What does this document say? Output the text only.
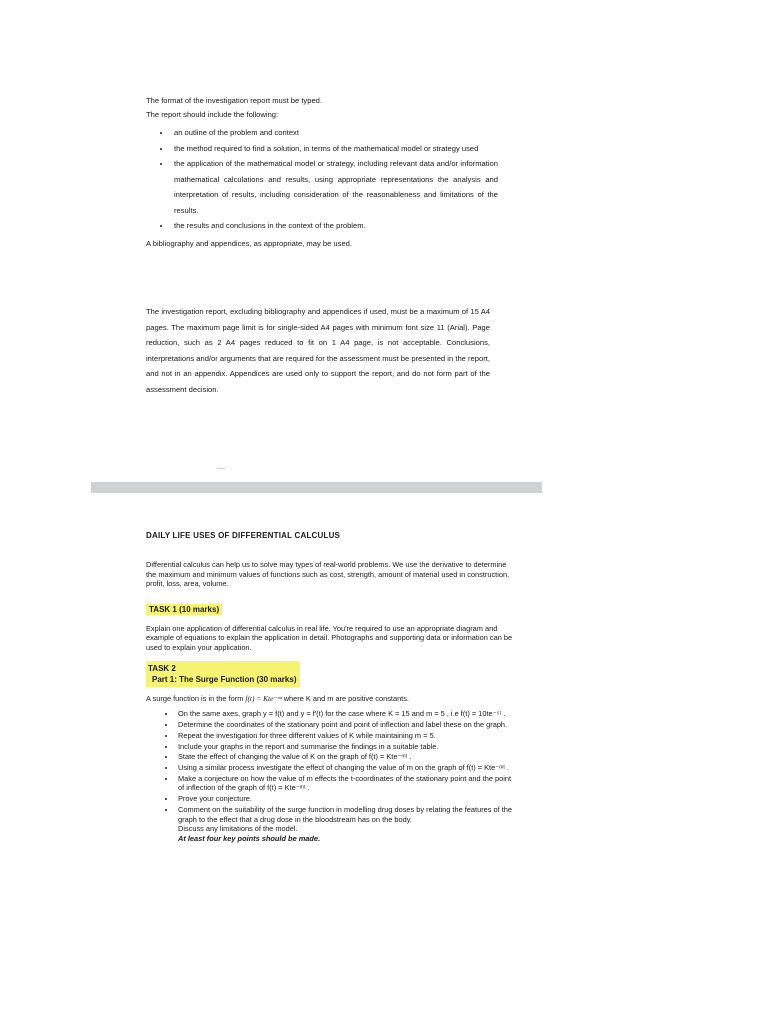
The format of the investigation report must be typed.

The report should include the following:

• an outline of the problem and context
• the method required to find a solution, in terms of the mathematical model or strategy used
• the application of the mathematical model or strategy, including relevant data and/or information mathematical calculations and results, using appropriate representations the analysis and interpretation of results, including consideration of the reasonableness and limitations of the results.
• the results and conclusions in the context of the problem.

A bibliography and appendices, as appropriate, may be used.

The investigation report, excluding bibliography and appendices if used, must be a maximum of 15 A4 pages. The maximum page limit is for single-sided A4 pages with minimum font size 11 (Arial). Page reduction, such as 2 A4 pages reduced to fit on 1 A4 page, is not acceptable. Conclusions, interpretations and/or arguments that are required for the assessment must be presented in the report, and not in an appendix. Appendices are used only to support the report, and do not form part of the assessment decision.
DAILY LIFE USES OF DIFFERENTIAL CALCULUS

Differential calculus can help us to solve may types of real-world problems. We use the derivative to determine the maximum and minimum values of functions such as cost, strength, amount of material used in construction, profit, loss, area, volume.

TASK 1 (10 marks)

Explain one application of differential calculus in real life. You're required to use an appropriate diagram and example of equations to explain the application in detail. Photographs and supporting data or information can be used to explain your application.

TASK 2
Part 1: The Surge Function (30 marks)

A surge function is in the form f(t) = Kte⁻ᵐᵗ where K and m are positive constants.

• On the same axes, graph y = f(t) and y = f′(t) for the case where K = 15 and m = 5 , i.e f(t) = 10te⁻⁵ᵗ .
• Determine the coordinates of the stationary point and point of inflection and label these on the graph.
• Repeat the investigation for three different values of K while maintaining m = 5.
• Include your graphs in the report and summarise the findings in a suitable table.
• State the effect of changing the value of K on the graph of f(t) = Kte⁻ᵐᵗ .
• Using a similar process investigate the effect of changing the value of m on the graph of f(t) = Kte⁻ᵐᵗ .
• Make a conjecture on how the value of m effects the t-coordinates of the stationary point and the point of inflection of the graph of f(t) = Kte⁻ᵐᵗ .
• Prove your conjecture.
• Comment on the suitability of the surge function in modelling drug doses by relating the features of the graph to the effect that a drug dose in the bloodstream has on the body.
Discuss any limitations of the model.
At least four key points should be made.
